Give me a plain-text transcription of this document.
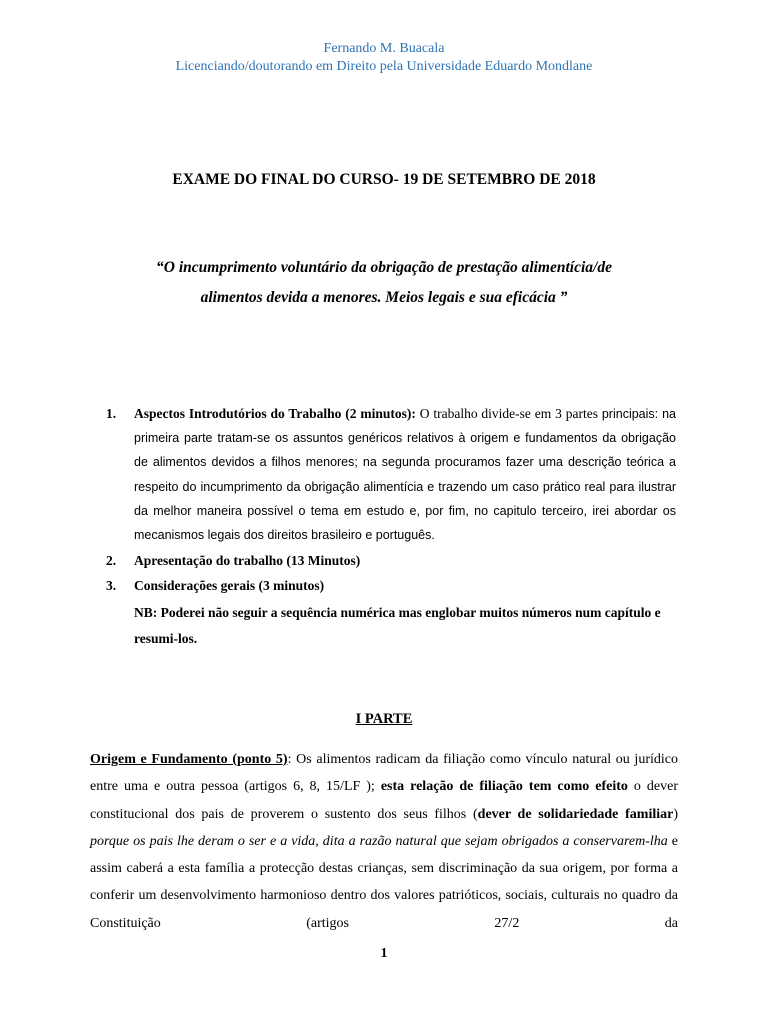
Fernando M. Buacala
Licenciando/doutorando em Direito pela Universidade Eduardo Mondlane
EXAME DO FINAL DO CURSO- 19 DE SETEMBRO DE 2018
“O incumprimento voluntário da obrigação de prestação alimentícia/de
alimentos devida a menores. Meios legais e sua eficácia ”
1. Aspectos Introdutórios do Trabalho (2 minutos): O trabalho divide-se em 3 partes principais: na primeira parte tratam-se os assuntos genéricos relativos à origem e fundamentos da obrigação de alimentos devidos a filhos menores; na segunda procuramos fazer uma descrição teórica a respeito do incumprimento da obrigação alimentícia e trazendo um caso prático real para ilustrar da melhor maneira possível o tema em estudo e, por fim, no capitulo terceiro, irei abordar os mecanismos legais dos direitos brasileiro e português.
2. Apresentação do trabalho (13 Minutos)
3. Considerações gerais (3 minutos)
NB: Poderei não seguir a sequência numérica mas englobar muitos números num capítulo e resumi-los.
I PARTE
Origem e Fundamento (ponto 5): Os alimentos radicam da filiação como vínculo natural ou jurídico entre uma e outra pessoa (artigos 6, 8, 15/LF ); esta relação de filiação tem como efeito o dever constitucional dos pais de proverem o sustento dos seus filhos (dever de solidariedade familiar) porque os pais lhe deram o ser e a vida, dita a razão natural que sejam obrigados a conservarem-lha e assim caberá a esta família a protecção destas crianças, sem discriminação da sua origem, por forma a conferir um desenvolvimento harmonioso dentro dos valores patrióticos, sociais, culturais no quadro da Constituição (artigos 27/2 da
1
